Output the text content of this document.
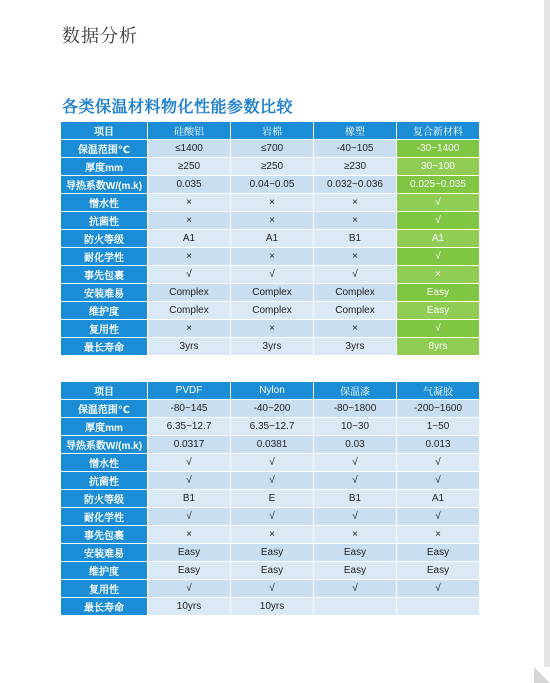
数据分析
各类保温材料物化性能参数比较
项目	硅酸铝	岩棉	橡塑	复合新材料
保温范围℃	≤1400	≤700	-40~105	-30~1400
厚度mm	≥250	≥250	≥230	30~100
导热系数W/(m.k)	0.035	0.04~0.05	0.032~0.036	0.025~0.035
憎水性	×	×	×	√
抗菌性	×	×	×	√
防火等级	A1	A1	B1	A1
耐化学性	×	×	×	√
事先包裹	√	√	√	×
安装难易	Complex	Complex	Complex	Easy
维护度	Complex	Complex	Complex	Easy
复用性	×	×	×	√
最长寿命	3yrs	3yrs	3yrs	8yrs
项目	PVDF	Nylon	保温漆	气凝胶
保温范围℃	-80~145	-40~200	-80~1800	-200~1600
厚度mm	6.35~12.7	6.35~12.7	10~30	1~50
导热系数W/(m.k)	0.0317	0.0381	0.03	0.013
憎水性	√	√	√	√
抗菌性	√	√	√	√
防火等级	B1	E	B1	A1
耐化学性	√	√	√	√
事先包裹	×	×	×	×
安装难易	Easy	Easy	Easy	Easy
维护度	Easy	Easy	Easy	Easy
复用性	√	√	√	√
最长寿命	10yrs	10yrs		
